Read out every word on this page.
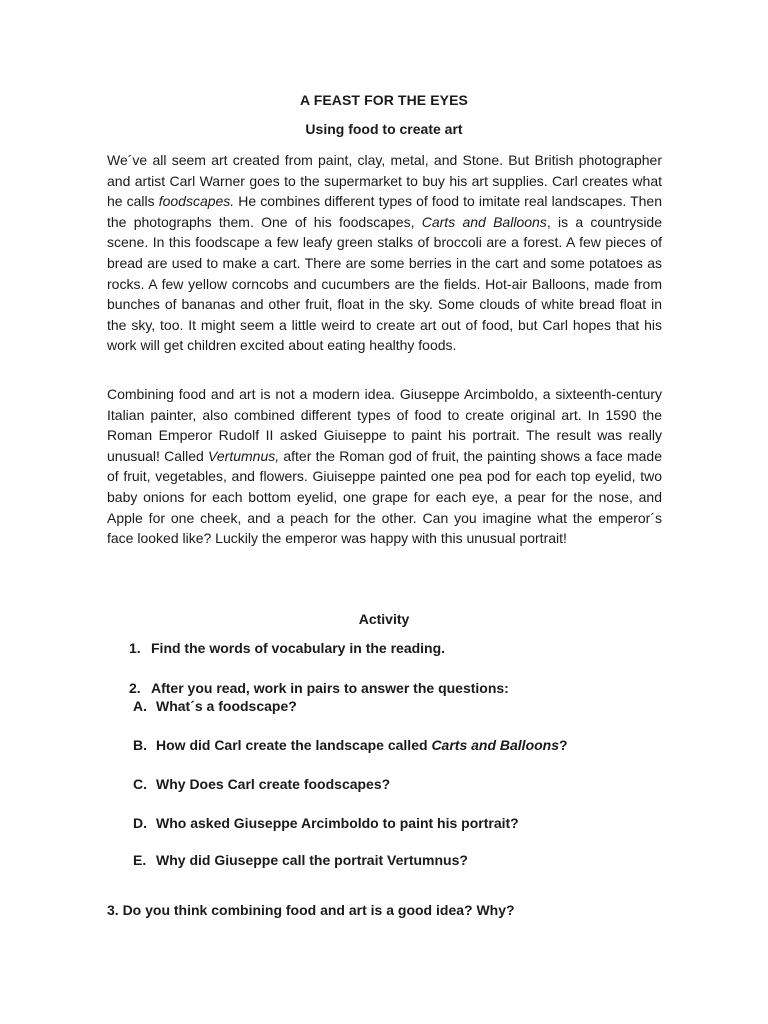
A FEAST FOR THE EYES
Using food to create art

We´ve all seem art created from paint, clay, metal, and Stone. But British photographer and artist Carl Warner goes to the supermarket to buy his art supplies. Carl creates what he calls foodscapes. He combines different types of food to imitate real landscapes. Then the photographs them. One of his foodscapes, Carts and Balloons, is a countryside scene. In this foodscape a few leafy green stalks of broccoli are a forest. A few pieces of bread are used to make a cart. There are some berries in the cart and some potatoes as rocks. A few yellow corncobs and cucumbers are the fields. Hot-air Balloons, made from bunches of bananas and other fruit, float in the sky. Some clouds of white bread float in the sky, too. It might seem a little weird to create art out of food, but Carl hopes that his work will get children excited about eating healthy foods.

Combining food and art is not a modern idea. Giuseppe Arcimboldo, a sixteenth-century Italian painter, also combined different types of food to create original art. In 1590 the Roman Emperor Rudolf II asked Giuiseppe to paint his portrait. The result was really unusual! Called Vertumnus, after the Roman god of fruit, the painting shows a face made of fruit, vegetables, and flowers. Giuiseppe painted one pea pod for each top eyelid, two baby onions for each bottom eyelid, one grape for each eye, a pear for the nose, and Apple for one cheek, and a peach for the other. Can you imagine what the emperor´s face looked like? Luckily the emperor was happy with this unusual portrait!

Activity
1. Find the words of vocabulary in the reading.
2. After you read, work in pairs to answer the questions:
A. What´s a foodscape?
B. How did Carl create the landscape called Carts and Balloons?
C. Why Does Carl create foodscapes?
D. Who asked Giuseppe Arcimboldo to paint his portrait?
E. Why did Giuseppe call the portrait Vertumnus?
3. Do you think combining food and art is a good idea? Why?
